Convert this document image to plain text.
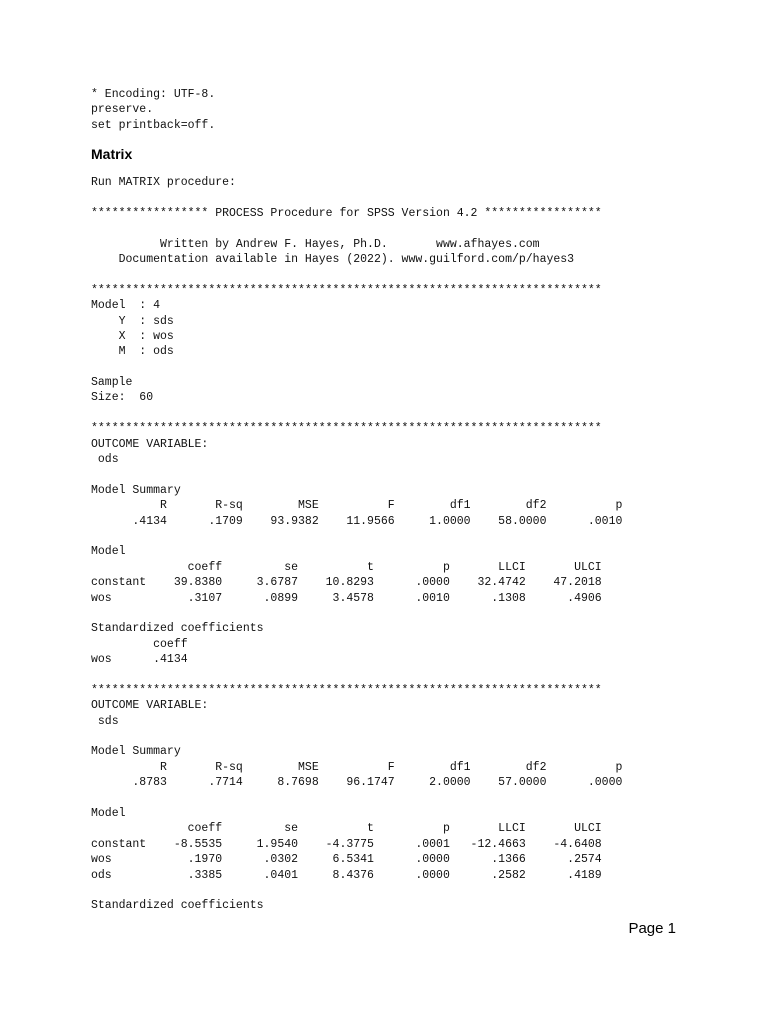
* Encoding: UTF-8.
preserve.
set printback=off.
Matrix
Run MATRIX procedure:
***************** PROCESS Procedure for SPSS Version 4.2 *****************
Written by Andrew F. Hayes, Ph.D.       www.afhayes.com
Documentation available in Hayes (2022). www.guilford.com/p/hayes3
**************************************************************************
Model  : 4
Y  : sds
X  : wos
M  : ods
Sample
Size:  60
**************************************************************************
OUTCOME VARIABLE:
ods
Model Summary
R       R-sq        MSE          F        df1        df2          p
.4134      .1709    93.9382    11.9566     1.0000    58.0000      .0010
Model
coeff         se          t          p       LLCI       ULCI
constant    39.8380     3.6787    10.8293      .0000    32.4742    47.2018
wos           .3107      .0899     3.4578      .0010      .1308      .4906
Standardized coefficients
coeff
wos      .4134
**************************************************************************
OUTCOME VARIABLE:
sds
Model Summary
R       R-sq        MSE          F        df1        df2          p
.8783      .7714     8.7698    96.1747     2.0000    57.0000      .0000
Model
coeff         se          t          p       LLCI       ULCI
constant    -8.5535     1.9540    -4.3775      .0001   -12.4663    -4.6408
wos           .1970      .0302     6.5341      .0000      .1366      .2574
ods           .3385      .0401     8.4376      .0000      .2582      .4189
Standardized coefficients
Page 1
